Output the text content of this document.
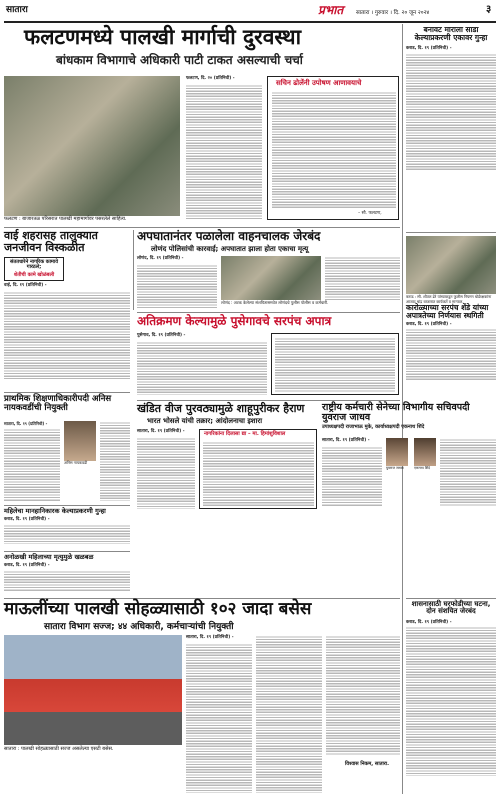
सातारा	प्रभात सातारा । गुरुवार । दि. २० जून २०२४	३
फलटणमध्ये पालखी मार्गाची दुरवस्था
बांधकाम विभागाचे अधिकारी पाटी टाकत असल्याची चर्चा
फलटण : बाजारतळ परिसरात पालखी महामार्गावर पसरलेले साहित्य.
फलटण, दि. २० (प्रतिनिधी) -
सचिन ढोलेंनी उपोषण आणावयाचे
– सौ. फलटण,
बनावट माराला साडा केल्याप्रकरणी एकावर गुन्हा
कराड, दि. १९ (प्रतिनिधी) -
वाई शहरासह तालुक्यात जनजीवन विस्कळीत
संततधारेने नागरिक कामावे गारठले;
शेतीची कामे खोळंबली
वाई, दि. १९ (प्रतिनिधी) -
अपघातानंतर पळालेला वाहनचालक जेरबंद
लोणंद पोलिसांची कारवाई; अपघातात झाला होता एकाचा मृत्यू
लोणंद, दि. १९ (प्रतिनिधी) -
लोणंद : अटक केलेल्या संशयितासमवेत लोणंदचे पुलीस पोलीस व कर्मचारी.
अतिक्रमण केल्यामुळे पुसेगावचे सरपंच अपात्र
पुसेगाव, दि. १९ (प्रतिनिधी) -
प्राथमिक शिक्षणाधिकारीपदी अनिस नायकवडींची नियुक्ती
सातारा, दि. १९ (प्रतिनिधी) -
अनिस नायकवडी
खंडित वीज पुरवठ्यामुळे शाहूपुरीकर हैराण
भारत भोसले यांची तक्रार; आंदोलनाचा इशारा
सातारा, दि. १९ (प्रतिनिधी) -	नागरिकांना दिलासा द्या – मा. हिमांशुविशाल
राष्ट्रीय कर्मचारी सेनेच्या विभागीय सचिवपदी युवराज जाधव
उपाध्यक्षपदी राजाभाऊ मुके, कार्याध्यक्षपदी एकनाथ शिंदे
सातारा, दि. १९ (प्रतिनिधी) -
युवराज जाधव	एकनाथ शिंदे
महिलेचा मानहानिकारक केल्याप्रकरणी गुन्हा
कराड, दि. १९ (प्रतिनिधी) -
अनोळखी महिलाच्या मृत्युमुळे खळबळ
कराड, दि. १९ (प्रतिनिधी) -
माऊलींच्या पालखी सोहळ्यासाठी १०२ जादा बसेस
सातारा विभाग सज्ज; ४४ अधिकारी, कर्मचाऱ्यांची नियुक्ती
सातारा : पालखी सोहळ्यासाठी सज्ज असलेल्या एसटी बसेस.
सातारा, दि. १९ (प्रतिनिधी) -
विश्वास निकम, सातारा.
कराड : सौ. शीतल ढेरे यांच्याकडून फुलीस नियमन बोर्डरक्षकांना आजाद चांद्र बाजारात कार्यकर्ते व मान्यवर.
कारोळ्याच्या सरपंच शेंडे यांच्या अपात्रतेच्या निर्णयास स्थगिती
कराड, दि. १९ (प्रतिनिधी) -
शासनासाठी घरफोडीच्या घटना, दोन संशयित जेरबंद
कराड, दि. १९ (प्रतिनिधी) -
